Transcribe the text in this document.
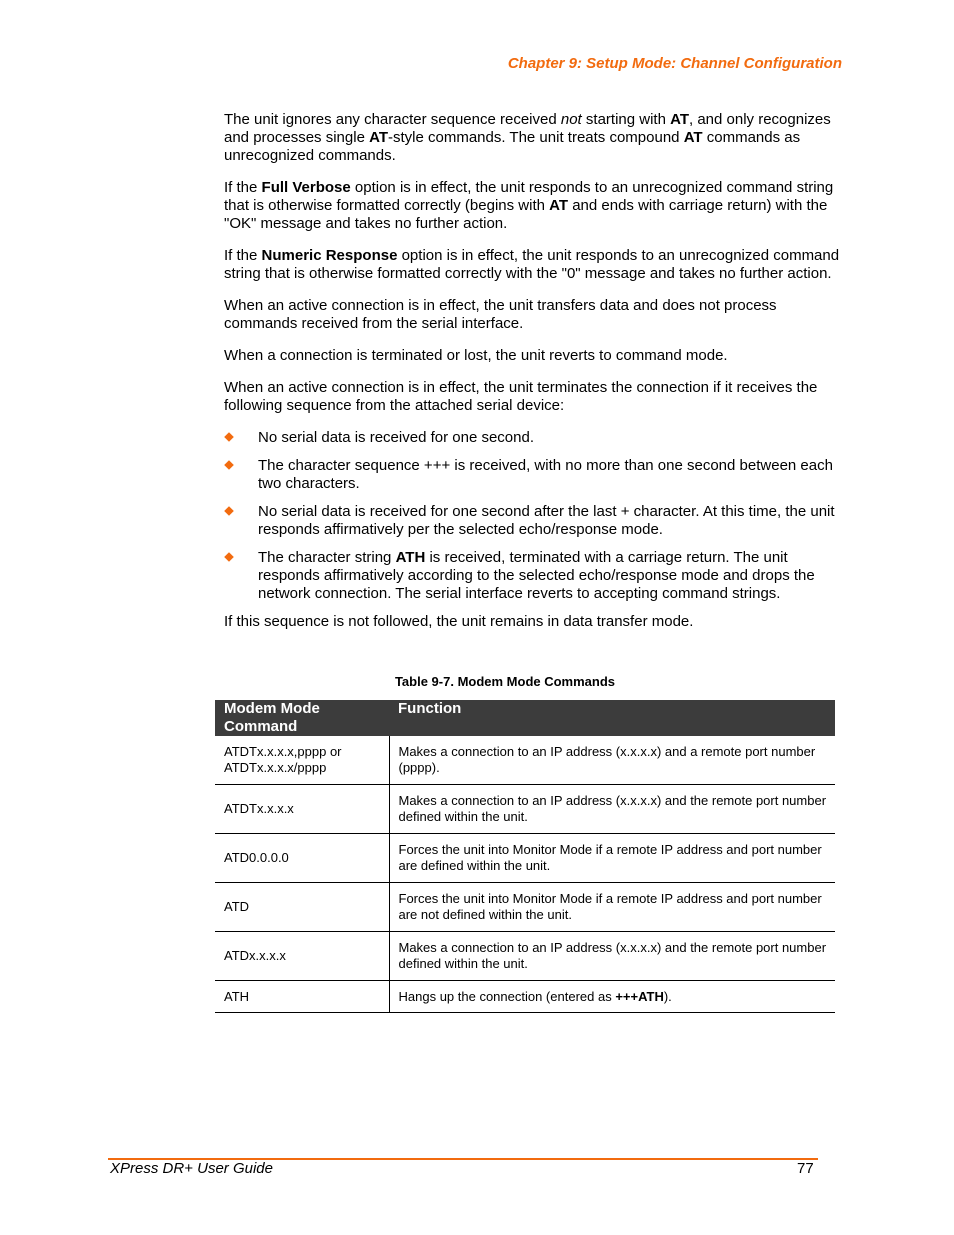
Chapter 9: Setup Mode: Channel Configuration

The unit ignores any character sequence received not starting with AT, and only recognizes and processes single AT-style commands. The unit treats compound AT commands as unrecognized commands.

If the Full Verbose option is in effect, the unit responds to an unrecognized command string that is otherwise formatted correctly (begins with AT and ends with carriage return) with the "OK" message and takes no further action.

If the Numeric Response option is in effect, the unit responds to an unrecognized command string that is otherwise formatted correctly with the "0" message and takes no further action.

When an active connection is in effect, the unit transfers data and does not process commands received from the serial interface.

When a connection is terminated or lost, the unit reverts to command mode.

When an active connection is in effect, the unit terminates the connection if it receives the following sequence from the attached serial device:

No serial data is received for one second.
The character sequence +++ is received, with no more than one second between each two characters.
No serial data is received for one second after the last + character. At this time, the unit responds affirmatively per the selected echo/response mode.
The character string ATH is received, terminated with a carriage return. The unit responds affirmatively according to the selected echo/response mode and drops the network connection. The serial interface reverts to accepting command strings.

If this sequence is not followed, the unit remains in data transfer mode.

Table 9-7. Modem Mode Commands
Modem Mode Command	Function
ATDTx.x.x.x,pppp or
ATDTx.x.x.x/pppp	Makes a connection to an IP address (x.x.x.x) and a remote port number (pppp).
ATDTx.x.x.x	Makes a connection to an IP address (x.x.x.x) and the remote port number defined within the unit.
ATD0.0.0.0	Forces the unit into Monitor Mode if a remote IP address and port number are defined within the unit.
ATD	Forces the unit into Monitor Mode if a remote IP address and port number are not defined within the unit.
ATDx.x.x.x	Makes a connection to an IP address (x.x.x.x) and the remote port number defined within the unit.
ATH	Hangs up the connection (entered as +++ATH).
XPress DR+ User Guide	77
